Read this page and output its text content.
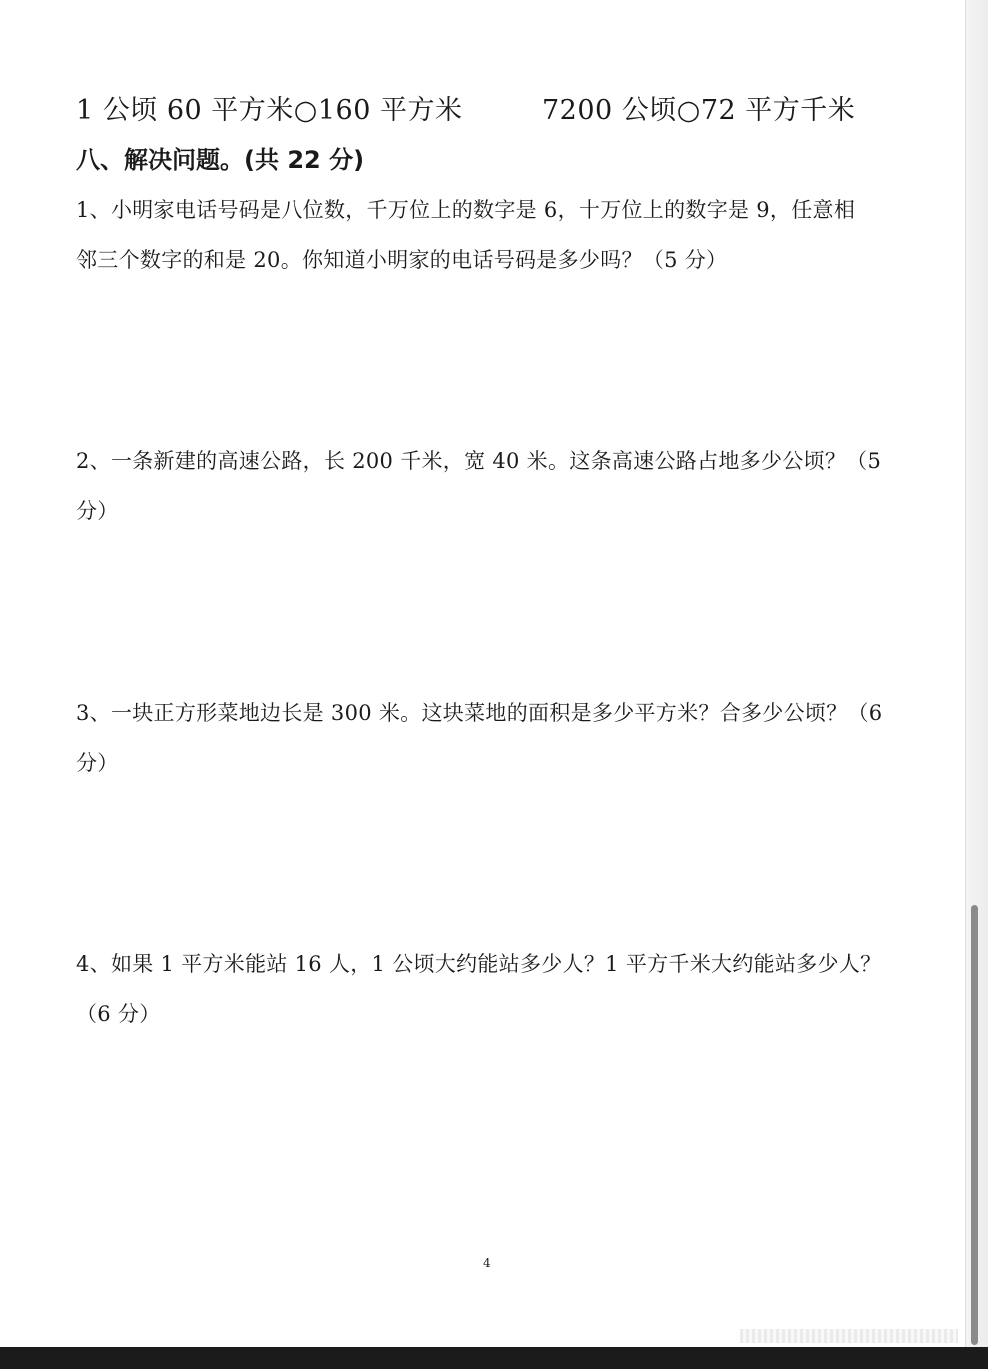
1 公顷 60 平方米○160 平方米	7200 公顷○72 平方千米
八、解决问题。(共 22 分)
1、小明家电话号码是八位数，千万位上的数字是 6，十万位上的数字是 9，任意相
邻三个数字的和是 20。你知道小明家的电话号码是多少吗？（5 分）
2、一条新建的高速公路，长 200 千米，宽 40 米。这条高速公路占地多少公顷？（5
分）
3、一块正方形菜地边长是 300 米。这块菜地的面积是多少平方米？合多少公顷？（6
分）
4、如果 1 平方米能站 16 人，1 公顷大约能站多少人？1 平方千米大约能站多少人？
（6 分）
4
